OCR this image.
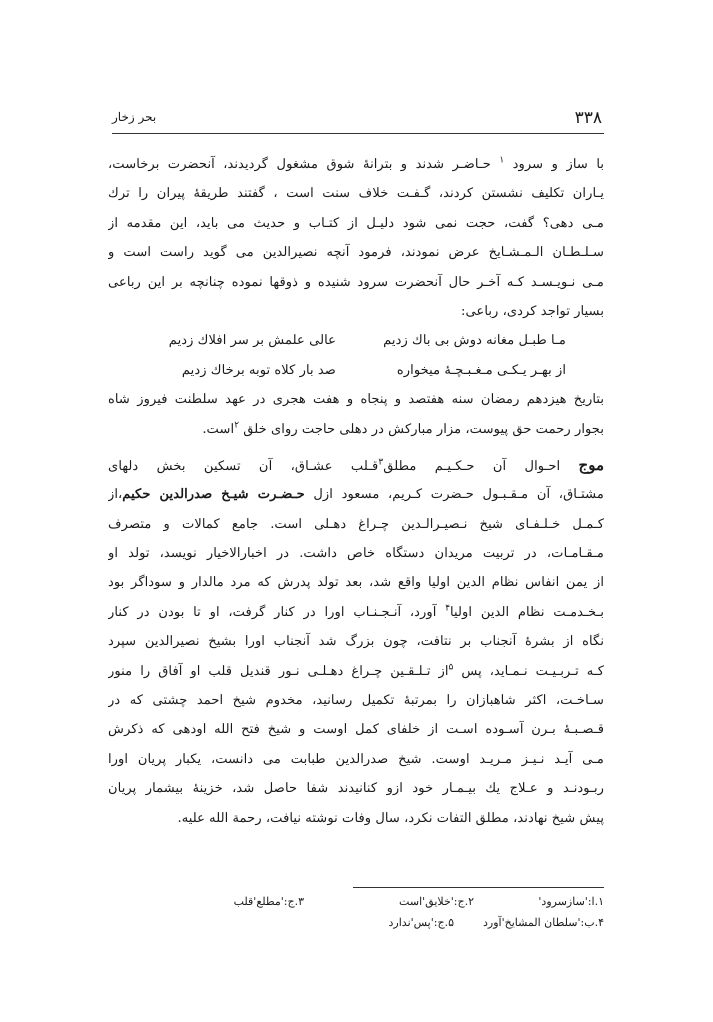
۳۳۸
بحر زخار
با ساز و سرود $^۱$ حـاضـر شدند و بترانۀ شوق مشغول گردیدند، آنحضرت برخاست،
یـاران تکلیف نشستن کردند، گـفـت خلاف سنت است ، گفتند طریقۀ پیران را ترك
مـی دهی؟ گفت، حجت نمی شود دلیـل از کتـاب و حدیث می باید، این مقدمه از
سـلـطـان الـمـشـایخ عرض نمودند، فرمود آنچه نصیرالدین می گوید راست است و
مـی نـویـسـد کـه آخـر حال آنحضرت سرود شنیده و ذوقها نموده چنانچه بر این رباعی
بسیار تواجد کردی، رباعی:
مـا طبـل مغانه دوش بی باك زدیم
عالی علمش بر سر افلاك زدیم
از بهـر یـکـی مـغـبـچـۀ میخواره
صد بار کلاه توبه برخاك زدیم
بتاریخ هیزدهم رمضان سنه هفتصد و پنجاه و هفت هجری در عهد سلطنت فیروز شاه
بجوار رحمت حق پیوست، مزار مبارکش در دهلی حاجت روای خلق $^۲$است.
موج احـوال آن حـکـیـم مطلق$^۳$قـلب عشـاق، آن تسکین بخش دلهای
مشتـاق، آن مـقـبـول حـضرت کـریم، مسعود ازل حـضـرت شیـخ صدرالدین حکیم،از
کـمـل خـلـفـای شیخ نـصیـرالـدین چـراغ دهـلی است. جامع کمالات و متصرف
مـقـامـات، در تربیت مریدان دستگاه خاص داشت. در اخبارالاخیار نویسد، تولد او
از یمن انفاس نظام الدین اولیا واقع شد، بعد تولد پدرش که مرد مالدار و سوداگر بود
بـخـدمـت نظام الدین اولیا$^۴$ آورد، آنـجـنـاب اورا در کنار گرفت، او تا بودن در کنار
نگاه از بشرۀ آنجناب بر نتافت، چون بزرگ شد آنجناب اورا بشیخ نصیرالدین سپرد
کـه تـربـیـت نـمـاید، پس $^۵$از تـلـقـین چـراغ دهـلـی نـور قندیل قلب او آفاق را منور
سـاخـت، اکثر شاهبازان را بمرتبۀ تکمیل رسانید، مخدوم شیخ احمد چشتی که در
قـصـبـۀ بـرن آسـوده اسـت از خلفای کمل اوست و شیخ فتح الله اودهی که ذکرش
مـی آیـد نـیـز مـریـد اوست. شیخ صدرالدین طبابت می دانست، یکبار پریان اورا
ربـودنـد و عـلاج یك بیـمـار خود ازو کنانیدند شفا حاصل شد، خزینۀ بیشمار پریان
پیش شیخ نهادند، مطلق التفات نکرد، سال وفات نوشته نیافت، رحمة الله علیه.
۱.ا:'سازسرود'
۲.ج:'خلایق'است
۳.ج:'مطلع'قلب
۴.ب:'سلطان المشایخ'آورد
۵.ج:'پس'ندارد
